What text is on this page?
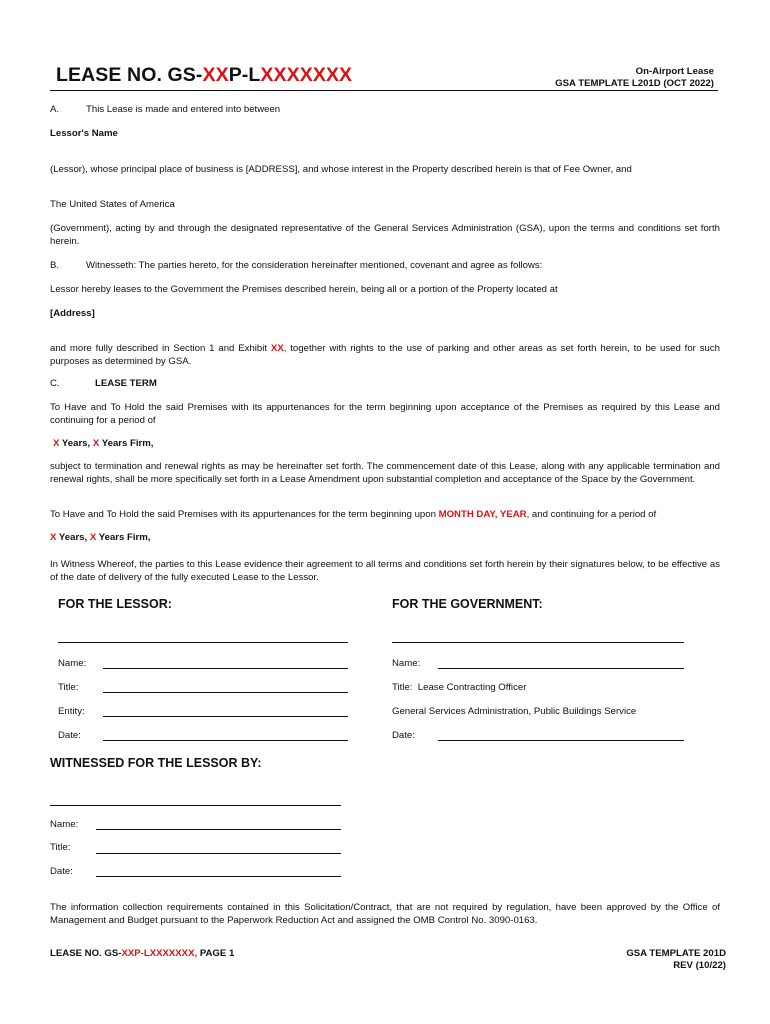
LEASE NO. GS-XXP-LXXXXXXX	On-Airport Lease
GSA TEMPLATE L201D (OCT 2022)
A.	This Lease is made and entered into between
Lessor's Name
(Lessor), whose principal place of business is [ADDRESS], and whose interest in the Property described herein is that of Fee Owner, and
The United States of America
(Government), acting by and through the designated representative of the General Services Administration (GSA), upon the terms and conditions set forth herein.
B.	Witnesseth: The parties hereto, for the consideration hereinafter mentioned, covenant and agree as follows:
Lessor hereby leases to the Government the Premises described herein, being all or a portion of the Property located at
[Address]
and more fully described in Section 1 and Exhibit XX, together with rights to the use of parking and other areas as set forth herein, to be used for such purposes as determined by GSA.
C.	LEASE TERM
To Have and To Hold the said Premises with its appurtenances for the term beginning upon acceptance of the Premises as required by this Lease and continuing for a period of
X Years, X Years Firm,
subject to termination and renewal rights as may be hereinafter set forth. The commencement date of this Lease, along with any applicable termination and renewal rights, shall be more specifically set forth in a Lease Amendment upon substantial completion and acceptance of the Space by the Government.
To Have and To Hold the said Premises with its appurtenances for the term beginning upon MONTH DAY, YEAR, and continuing for a period of
X Years, X Years Firm,
In Witness Whereof, the parties to this Lease evidence their agreement to all terms and conditions set forth herein by their signatures below, to be effective as of the date of delivery of the fully executed Lease to the Lessor.
FOR THE LESSOR:	FOR THE GOVERNMENT:
Name:
Title:
Entity:
Date:
Name:
Title: Lease Contracting Officer
General Services Administration, Public Buildings Service
Date:
WITNESSED FOR THE LESSOR BY:
Name:
Title:
Date:
The information collection requirements contained in this Solicitation/Contract, that are not required by regulation, have been approved by the Office of Management and Budget pursuant to the Paperwork Reduction Act and assigned the OMB Control No. 3090-0163.
LEASE NO. GS-XXP-LXXXXXXX, PAGE 1	GSA TEMPLATE 201D
REV (10/22)
